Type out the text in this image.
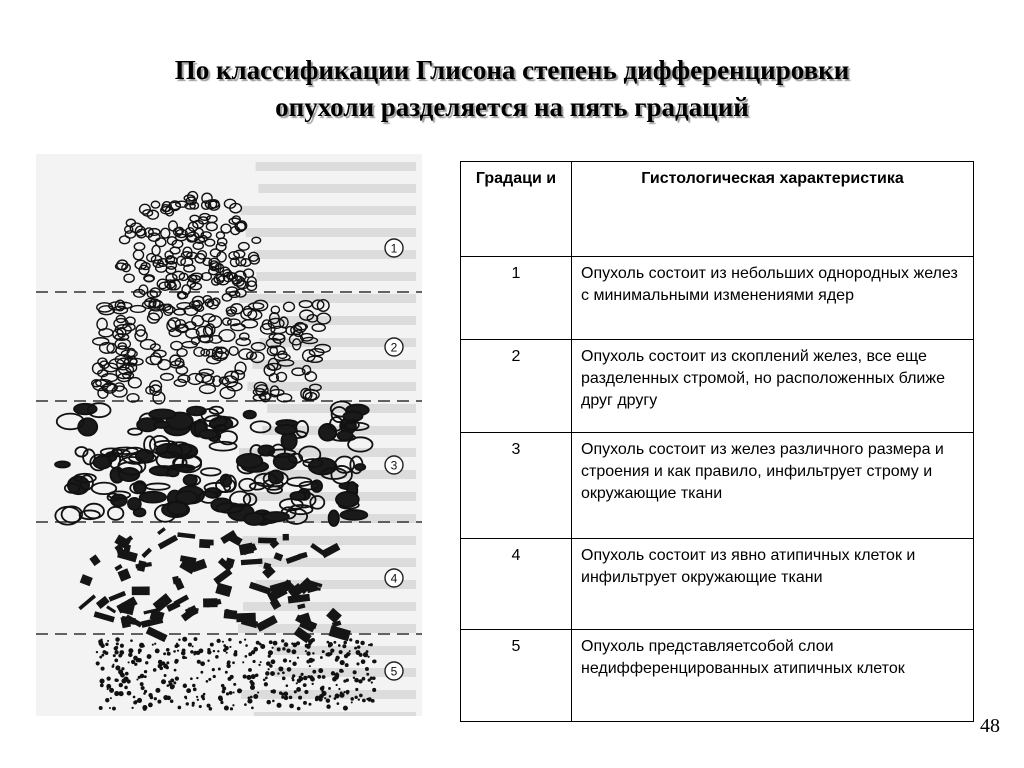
По классификации Глисона степень дифференцировки
опухоли разделяется на пять градаций
1
2
3
4
5
Градаци и	Гистологическая характеристика
1	Опухоль состоит из небольших однородных желез с минимальными изменениями ядер
2	Опухоль состоит из скоплений желез, все еще разделенных стромой, но расположенных ближе друг другу
3	Опухоль состоит из желез различного размера и строения и как правило, инфильтрует строму и окружающие ткани
4	Опухоль состоит из явно атипичных клеток и инфильтрует окружающие ткани
5	Опухоль представляетсобой слои недифференцированных атипичных клеток
48
